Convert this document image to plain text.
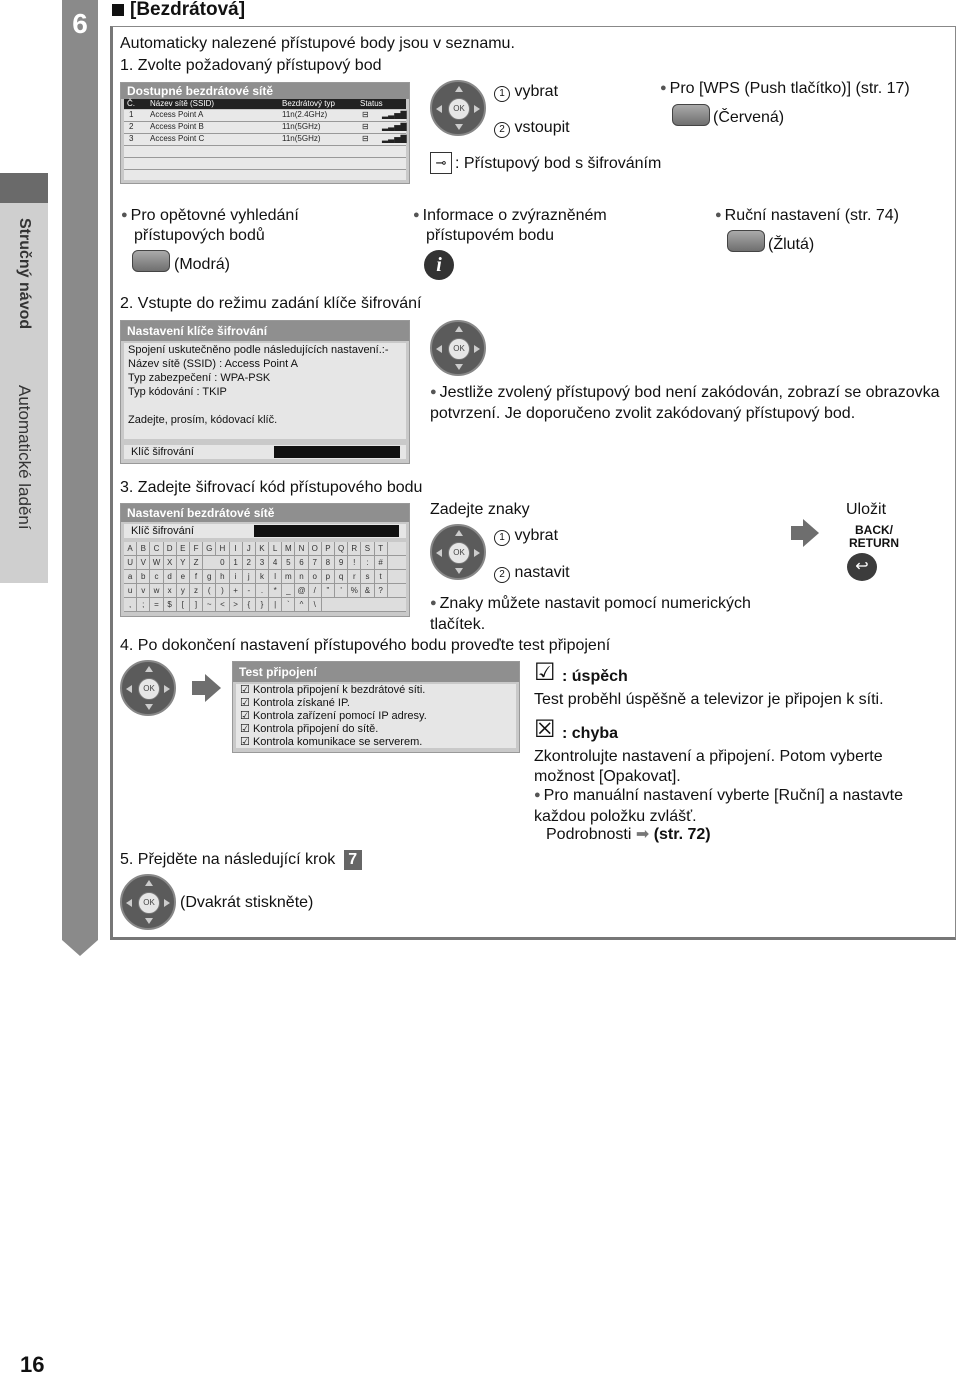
6
Stručný návod
Automatické ladění
[Bezdrátová]
Automaticky nalezené přístupové body jsou v seznamu.
1. Zvolte požadovaný přístupový bod
Dostupné bezdrátové sítě
Č. Název sítě (SSID)	Bezdrátový typ	Status
1 Access Point A	11n(2.4GHz)	⊟ ▂▃▅▇
2 Access Point B	11n(5GHz)	⊟ ▂▃▅▇
3 Access Point C	11n(5GHz)	⊟ ▂▃▅▇
OK
1 vybrat
2 vstoupit
● Pro [WPS (Push tlačítko)] (str. 17)
(Červená)
⊸ : Přístupový bod s šifrováním
● Pro opětovné vyhledání
přístupových bodů
(Modrá)
● Informace o zvýrazněném
přístupovém bodu
i
● Ruční nastavení (str. 74)
(Žlutá)
2. Vstupte do režimu zadání klíče šifrování
Nastavení klíče šifrování
Spojení uskutečněno podle následujících nastavení.:-
Název sítě (SSID) : Access Point A
Typ zabezpečení : WPA-PSK
Typ kódování : TKIP
Zadejte, prosím, kódovací klíč.
Klíč šifrování
OK
● Jestliže zvolený přístupový bod není zakódován, zobrazí se obrazovka potvrzení. Je doporučeno zvolit zakódovaný přístupový bod.
3. Zadejte šifrovací kód přístupového bodu
Nastavení bezdrátové sítě
Klíč šifrování
A B C D E F G H I J K L M N O P Q R S T
U V W X Y Z	0 1 2 3 4 5 6 7 8 9 ! : #
a b c d e f g h i j k l m n o p q r s t
u v w x y z ( ) + - . * _ @ / " ' % & ?
, ; = $ [ ] ~ < > { } | ` ^ \
Zadejte znaky
OK
1 vybrat
2 nastavit
Uložit
BACK/ RETURN
↩
● Znaky můžete nastavit pomocí numerických tlačítek.
4. Po dokončení nastavení přístupového bodu proveďte test připojení
OK
Test připojení
☑ Kontrola připojení k bezdrátové síti.
☑ Kontrola získané IP.
☑ Kontrola zařízení pomocí IP adresy.
☑ Kontrola připojení do sítě.
☑ Kontrola komunikace se serverem.
☑ : úspěch
Test proběhl úspěšně a televizor je připojen k síti.
☒ : chyba
Zkontrolujte nastavení a připojení. Potom vyberte možnost [Opakovat].
● Pro manuální nastavení vyberte [Ruční] a nastavte každou položku zvlášť.
Podrobnosti ➡ (str. 72)
5. Přejděte na následující krok 7
OK	(Dvakrát stiskněte)
16
